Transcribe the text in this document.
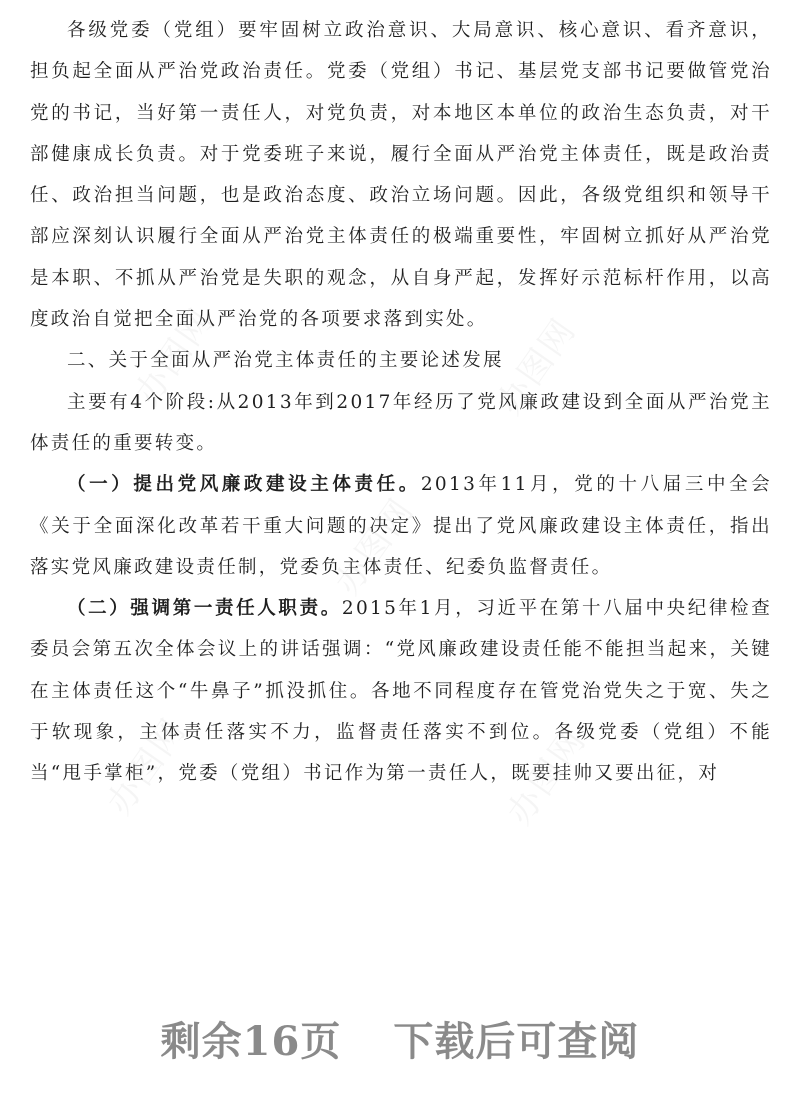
各级党委（党组）要牢固树立政治意识、大局意识、核心意识、看齐意识，担负起全面从严治党政治责任。党委（党组）书记、基层党支部书记要做管党治党的书记，当好第一责任人，对党负责，对本地区本单位的政治生态负责，对干部健康成长负责。对于党委班子来说，履行全面从严治党主体责任，既是政治责任、政治担当问题，也是政治态度、政治立场问题。因此，各级党组织和领导干部应深刻认识履行全面从严治党主体责任的极端重要性，牢固树立抓好从严治党是本职、不抓从严治党是失职的观念，从自身严起，发挥好示范标杆作用，以高度政治自觉把全面从严治党的各项要求落到实处。

二、关于全面从严治党主体责任的主要论述发展

主要有4个阶段:从2013年到2017年经历了党风廉政建设到全面从严治党主体责任的重要转变。

（一）提出党风廉政建设主体责任。2013年11月，党的十八届三中全会《关于全面深化改革若干重大问题的决定》提出了党风廉政建设主体责任，指出落实党风廉政建设责任制，党委负主体责任、纪委负监督责任。

（二）强调第一责任人职责。2015年1月，习近平在第十八届中央纪律检查委员会第五次全体会议上的讲话强调：“党风廉政建设责任能不能担当起来，关键在主体责任这个“牛鼻子”抓没抓住。各地不同程度存在管党治党失之于宽、失之于软现象，主体责任落实不力，监督责任落实不到位。各级党委（党组）不能当“甩手掌柜”，党委（党组）书记作为第一责任人，既要挂帅又要出征，对

办图网	办图网
办图网
办图网	办图网
剩余16页 下载后可查阅
